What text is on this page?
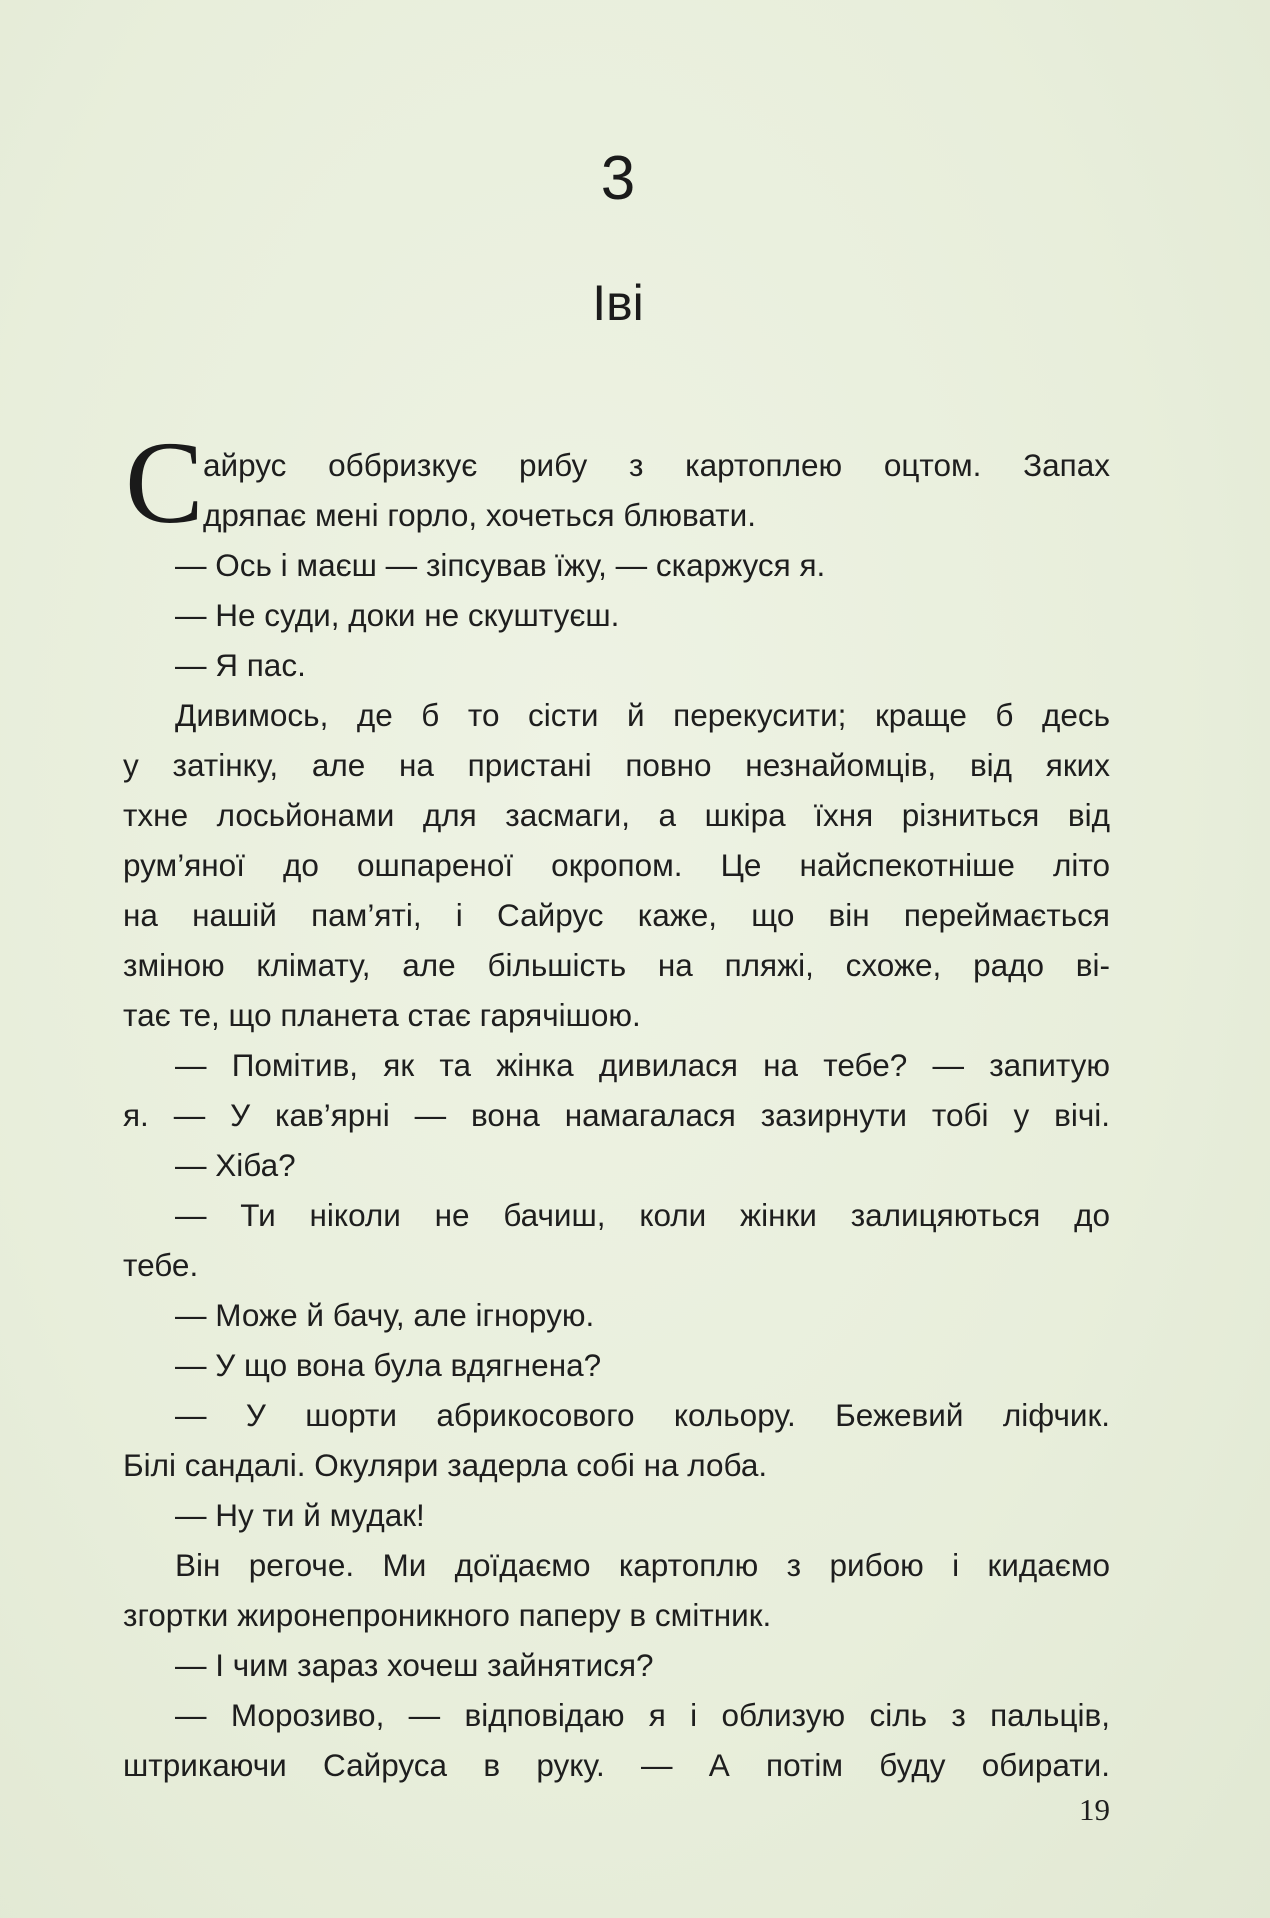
3
Іві
С айрус оббризкує рибу з картоплею оцтом. Запах
дряпає мені горло, хочеться блювати.
— Ось і маєш — зіпсував їжу, — скаржуся я.
— Не суди, доки не скуштуєш.
— Я пас.
Дивимось, де б то сісти й перекусити; краще б десь
у затінку, але на пристані повно незнайомців, від яких
тхне лосьйонами для засмаги, а шкіра їхня різниться від
рум’яної до ошпареної окропом. Це найспекотніше літо
на нашій пам’яті, і Сайрус каже, що він переймається
зміною клімату, але більшість на пляжі, схоже, радо ві-
тає те, що планета стає гарячішою.
— Помітив, як та жінка дивилася на тебе? — запитую
я. — У кав’ярні — вона намагалася зазирнути тобі у вічі.
— Хіба?
— Ти ніколи не бачиш, коли жінки залицяються до
тебе.
— Може й бачу, але ігнорую.
— У що вона була вдягнена?
— У шорти абрикосового кольору. Бежевий ліфчик.
Білі сандалі. Окуляри задерла собі на лоба.
— Ну ти й мудак!
Він регоче. Ми доїдаємо картоплю з рибою і кидаємо
згортки жиронепроникного паперу в смітник.
— І чим зараз хочеш зайнятися?
— Морозиво, — відповідаю я і облизую сіль з пальців,
штрикаючи Сайруса в руку. — А потім буду обирати.
19
